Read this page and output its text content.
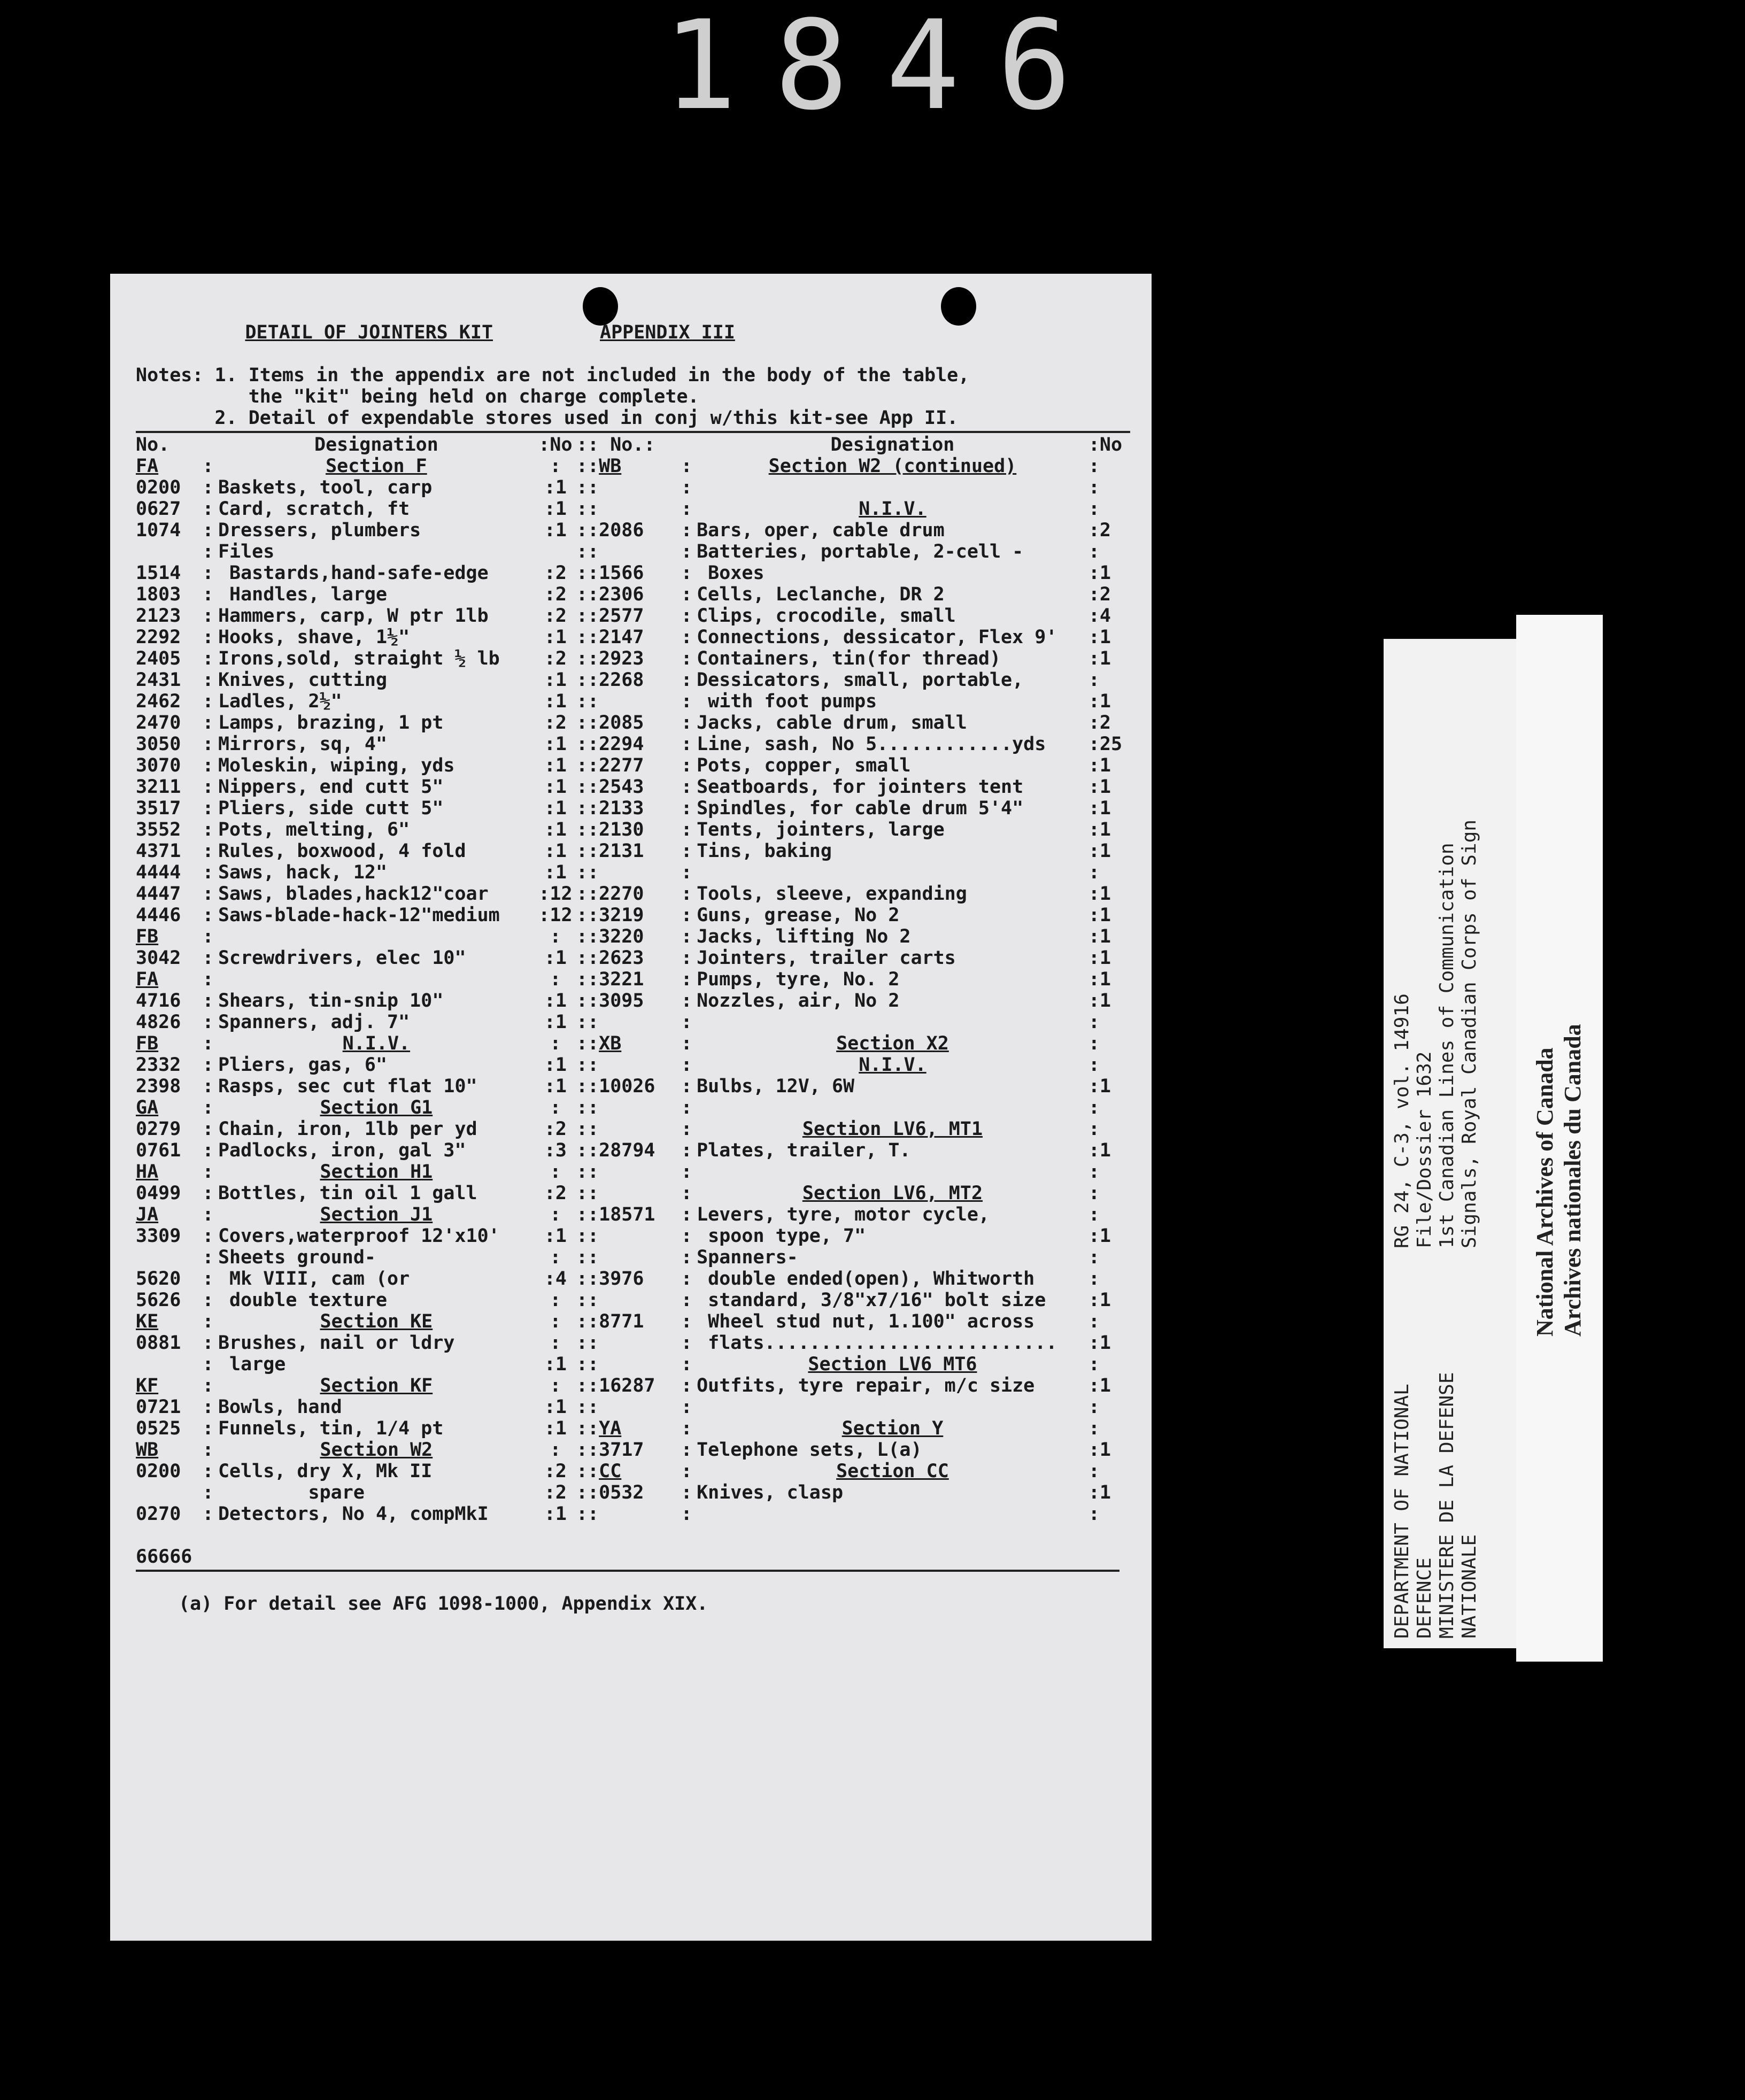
1846

DETAIL OF JOINTERS KIT	APPENDIX III

Notes: 1. Items in the appendix are not included in the body of the table,
the "kit" being held on charge complete.
2. Detail of expendable stores used in conj w/this kit-see App II.
No.		Designation	:No	:: No.:			Designation	:No
FA	:	Section F	:	::	WB	:	Section W2 (continued)	:
0200	:	Baskets, tool, carp	:1	::		:		:
0627	:	Card, scratch, ft	:1	::		:	N.I.V.	:
1074	:	Dressers, plumbers	:1	::	2086	:	Bars, oper, cable drum	:2
	:	Files		::		:	Batteries, portable, 2-cell -	:
1514	:	Bastards,hand-safe-edge	:2	::	1566	:	Boxes	:1
1803	:	Handles, large	:2	::	2306	:	Cells, Leclanche, DR 2	:2
2123	:	Hammers, carp, W ptr 1lb	:2	::	2577	:	Clips, crocodile, small	:4
2292	:	Hooks, shave, 1½"	:1	::	2147	:	Connections, dessicator, Flex 9'	:1
2405	:	Irons,sold, straight ½ lb	:2	::	2923	:	Containers, tin(for thread)	:1
2431	:	Knives, cutting	:1	::	2268	:	Dessicators, small, portable,	:
2462	:	Ladles, 2½"	:1	::		:	with foot pumps	:1
2470	:	Lamps, brazing, 1 pt	:2	::	2085	:	Jacks, cable drum, small	:2
3050	:	Mirrors, sq, 4"	:1	::	2294	:	Line, sash, No 5............yds	:25
3070	:	Moleskin, wiping, yds	:1	::	2277	:	Pots, copper, small	:1
3211	:	Nippers, end cutt 5"	:1	::	2543	:	Seatboards, for jointers tent	:1
3517	:	Pliers, side cutt 5"	:1	::	2133	:	Spindles, for cable drum 5'4"	:1
3552	:	Pots, melting, 6"	:1	::	2130	:	Tents, jointers, large	:1
4371	:	Rules, boxwood, 4 fold	:1	::	2131	:	Tins, baking	:1
4444	:	Saws, hack, 12"	:1	::		:		:
4447	:	Saws, blades,hack12"coar	:12	::	2270	:	Tools, sleeve, expanding	:1
4446	:	Saws-blade-hack-12"medium	:12	::	3219	:	Guns, grease, No 2	:1
FB	:		:	::	3220	:	Jacks, lifting No 2	:1
3042	:	Screwdrivers, elec 10"	:1	::	2623	:	Jointers, trailer carts	:1
FA	:		:	::	3221	:	Pumps, tyre, No. 2	:1
4716	:	Shears, tin-snip 10"	:1	::	3095	:	Nozzles, air, No 2	:1
4826	:	Spanners, adj. 7"	:1	::		:		:
FB	:	N.I.V.	:	::	XB	:	Section X2	:
2332	:	Pliers, gas, 6"	:1	::		:	N.I.V.	:
2398	:	Rasps, sec cut flat 10"	:1	::	10026	:	Bulbs, 12V, 6W	:1
GA	:	Section G1	:	::		:		:
0279	:	Chain, iron, 1lb per yd	:2	::		:	Section LV6, MT1	:
0761	:	Padlocks, iron, gal 3"	:3	::	28794	:	Plates, trailer, T.	:1
HA	:	Section H1	:	::		:		:
0499	:	Bottles, tin oil 1 gall	:2	::		:	Section LV6, MT2	:
JA	:	Section J1	:	::	18571	:	Levers, tyre, motor cycle,	:
3309	:	Covers,waterproof 12'x10'	:1	::		:	spoon type, 7"	:1
	:	Sheets ground-	:	::		:	Spanners-	:
5620	:	Mk VIII, cam (or	:4	::	3976	:	double ended(open), Whitworth	:
5626	:	double texture	:	::		:	standard, 3/8"x7/16" bolt size	:1
KE	:	Section KE	:	::	8771	:	Wheel stud nut, 1.100" across	:
0881	:	Brushes, nail or ldry	:	::		:	flats..........................	:1
	:	large	:1	::		:	Section LV6 MT6	:
KF	:	Section KF	:	::	16287	:	Outfits, tyre repair, m/c size	:1
0721	:	Bowls, hand	:1	::		:		:
0525	:	Funnels, tin, 1/4 pt	:1	::	YA	:	Section Y	:
WB	:	Section W2	:	::	3717	:	Telephone sets, L(a)	:1
0200	:	Cells, dry X, Mk II	:2	::	CC	:	Section CC	:
	:	spare	:2	::	0532	:	Knives, clasp	:1
0270	:	Detectors, No 4, compMkI	:1	::		:		:
66666
(a) For detail see AFG 1098-1000, Appendix XIX.	DEPARTMENT OF NATIONAL DEFENCE MINISTERE DE LA DEFENSE NATIONALE
RG 24, C-3, vol. 14916 File/Dossier 1632 1st Canadian Lines of Communication Signals, Royal Canadian Corps of Sign National Archives of Canada Archives nationales du Canada
